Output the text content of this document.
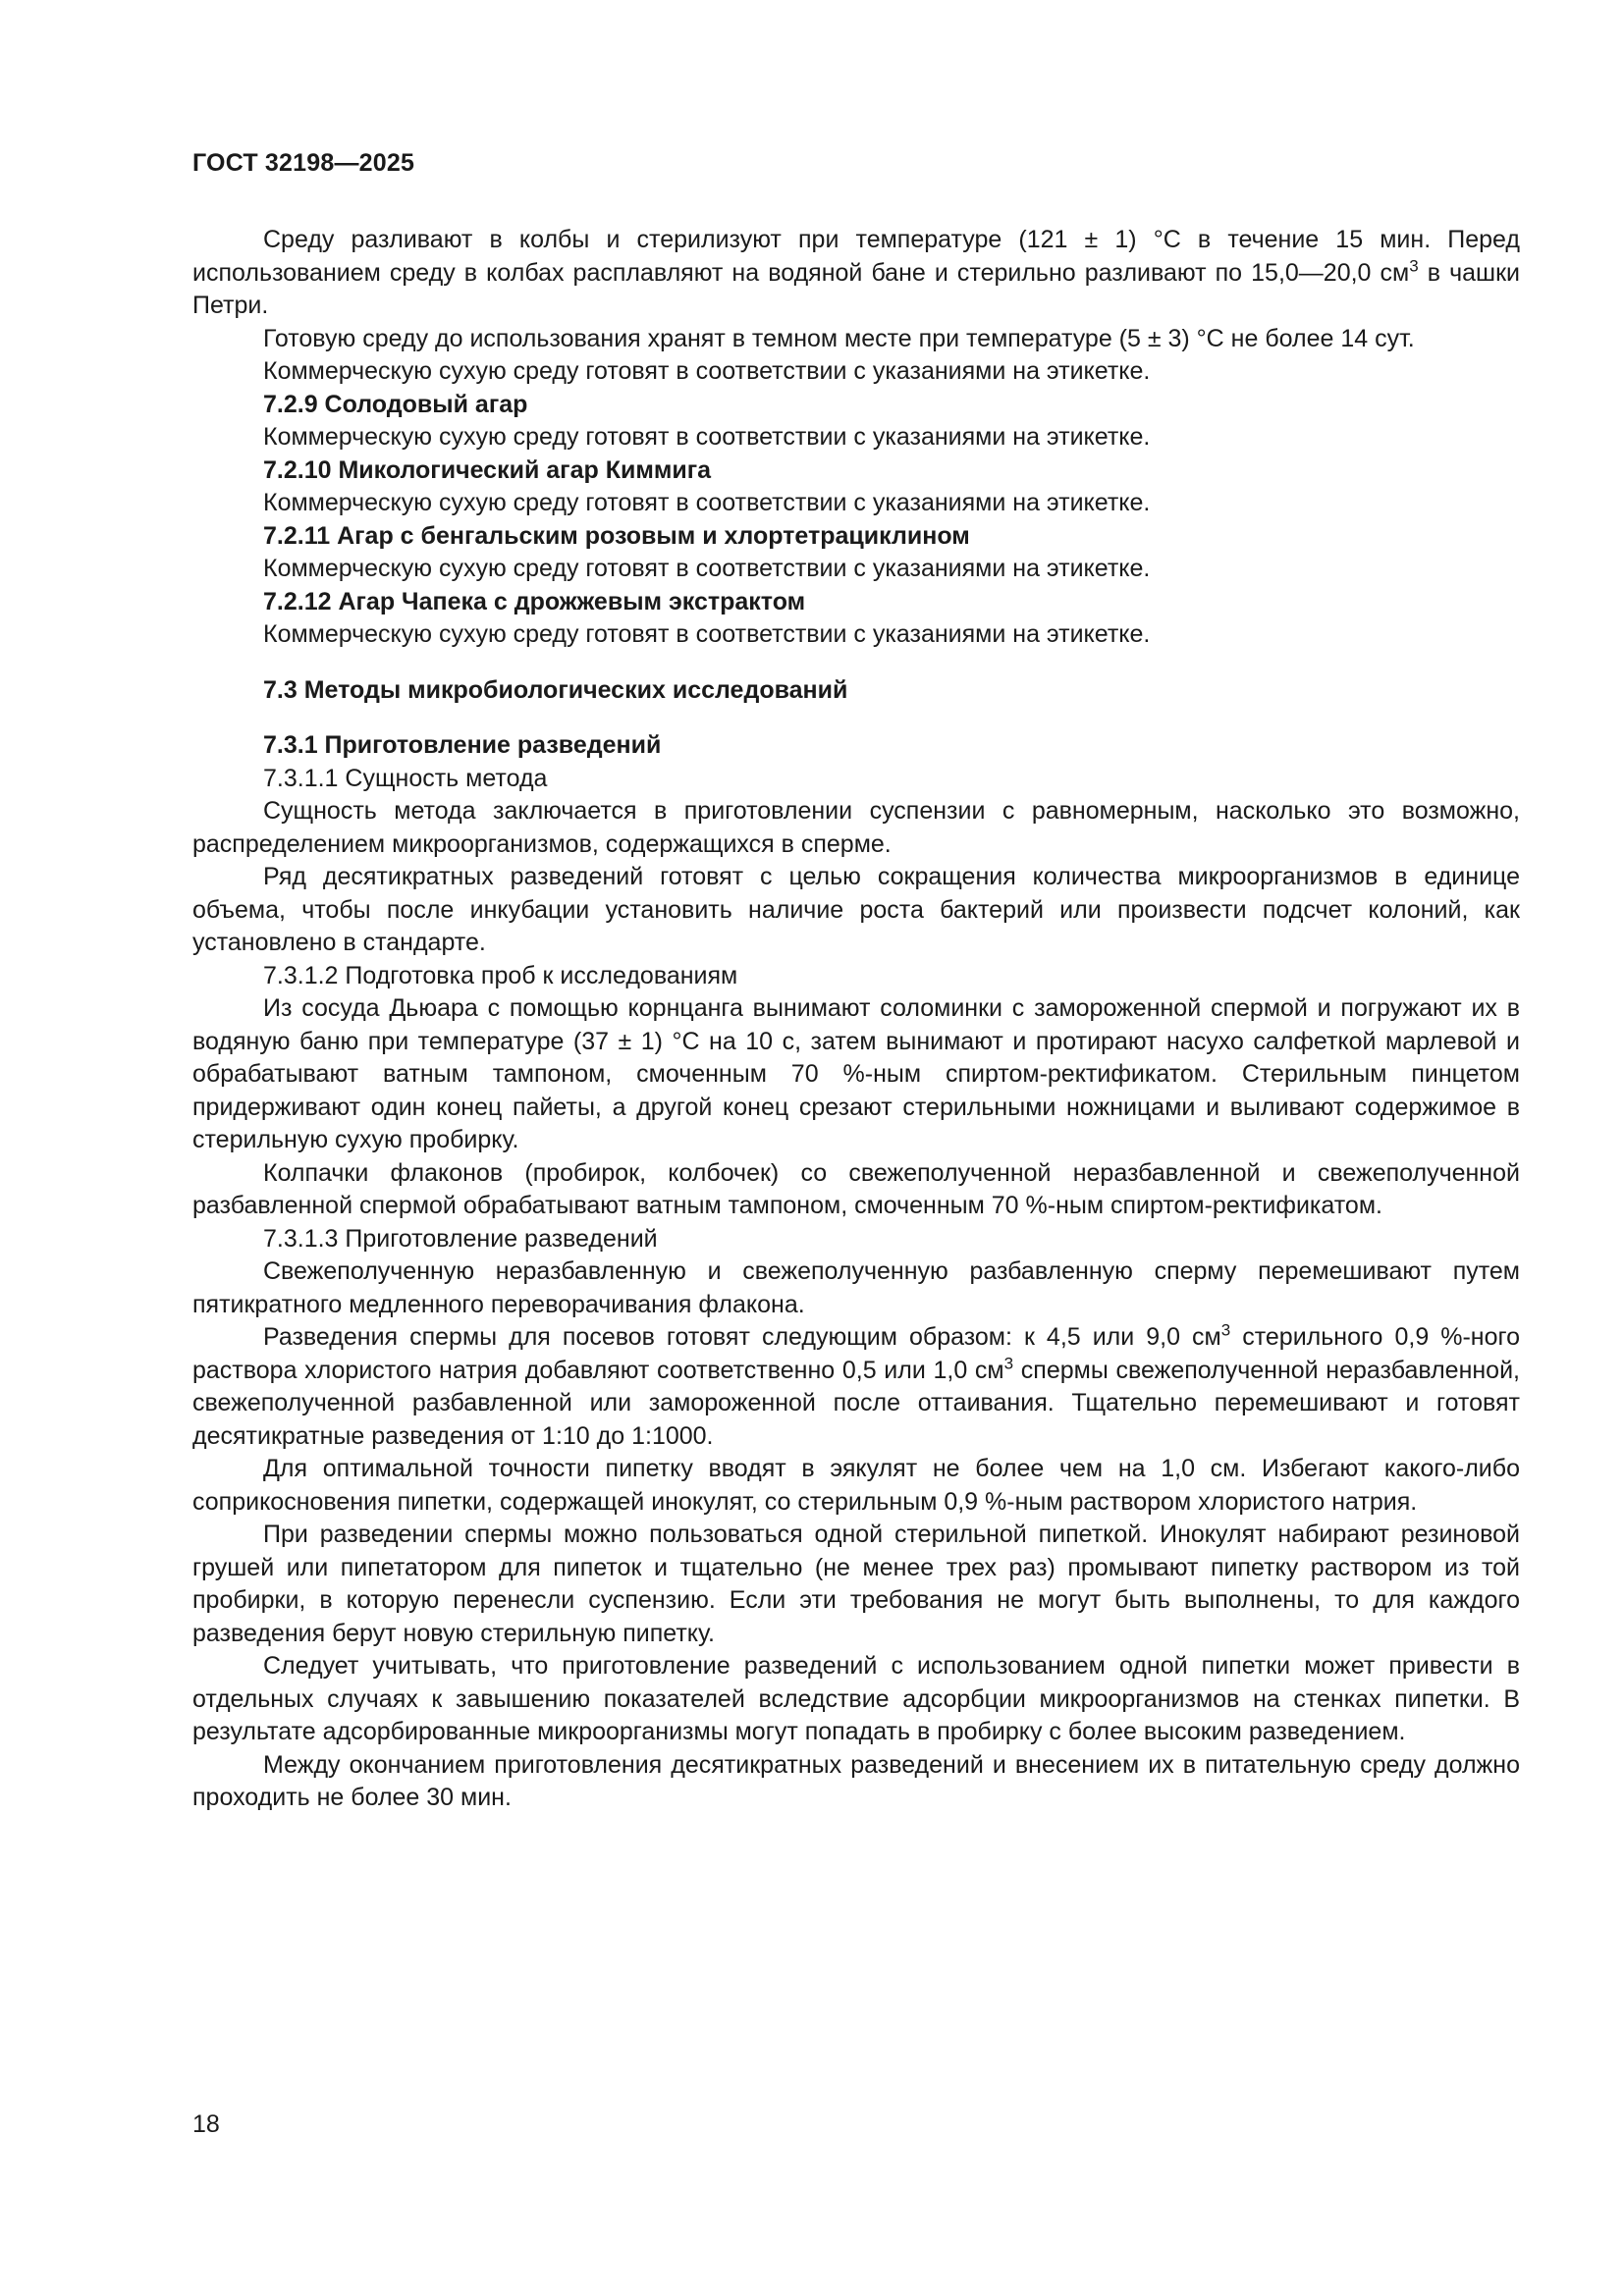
ГОСТ 32198—2025

Среду разливают в колбы и стерилизуют при температуре (121 ± 1) °С в течение 15 мин. Перед использованием среду в колбах расплавляют на водяной бане и стерильно разливают по 15,0—20,0 $см^3$ в чашки Петри.

Готовую среду до использования хранят в темном месте при температуре (5 ± 3) °С не более 14 сут.

Коммерческую сухую среду готовят в соответствии с указаниями на этикетке.

7.2.9 Солодовый агар

Коммерческую сухую среду готовят в соответствии с указаниями на этикетке.

7.2.10 Микологический агар Киммига

Коммерческую сухую среду готовят в соответствии с указаниями на этикетке.

7.2.11 Агар с бенгальским розовым и хлортетрациклином

Коммерческую сухую среду готовят в соответствии с указаниями на этикетке.

7.2.12 Агар Чапека с дрожжевым экстрактом

Коммерческую сухую среду готовят в соответствии с указаниями на этикетке.

7.3 Методы микробиологических исследований

7.3.1 Приготовление разведений

7.3.1.1 Сущность метода

Сущность метода заключается в приготовлении суспензии с равномерным, насколько это возможно, распределением микроорганизмов, содержащихся в сперме.

Ряд десятикратных разведений готовят с целью сокращения количества микроорганизмов в единице объема, чтобы после инкубации установить наличие роста бактерий или произвести подсчет колоний, как установлено в стандарте.

7.3.1.2 Подготовка проб к исследованиям

Из сосуда Дьюара с помощью корнцанга вынимают соломинки с замороженной спермой и погружают их в водяную баню при температуре (37 ± 1) °С на 10 с, затем вынимают и протирают насухо салфеткой марлевой и обрабатывают ватным тампоном, смоченным 70 %-ным спиртом-ректификатом. Стерильным пинцетом придерживают один конец пайеты, а другой конец срезают стерильными ножницами и выливают содержимое в стерильную сухую пробирку.

Колпачки флаконов (пробирок, колбочек) со свежеполученной неразбавленной и свежеполученной разбавленной спермой обрабатывают ватным тампоном, смоченным 70 %-ным спиртом-ректификатом.

7.3.1.3 Приготовление разведений

Свежеполученную неразбавленную и свежеполученную разбавленную сперму перемешивают путем пятикратного медленного переворачивания флакона.

Разведения спермы для посевов готовят следующим образом: к 4,5 или 9,0 $см^3$ стерильного 0,9 %-ного раствора хлористого натрия добавляют соответственно 0,5 или 1,0 $см^3$ спермы свежеполученной неразбавленной, свежеполученной разбавленной или замороженной после оттаивания. Тщательно перемешивают и готовят десятикратные разведения от 1:10 до 1:1000.

Для оптимальной точности пипетку вводят в эякулят не более чем на 1,0 см. Избегают какого-либо соприкосновения пипетки, содержащей инокулят, со стерильным 0,9 %-ным раствором хлористого натрия.

При разведении спермы можно пользоваться одной стерильной пипеткой. Инокулят набирают резиновой грушей или пипетатором для пипеток и тщательно (не менее трех раз) промывают пипетку раствором из той пробирки, в которую перенесли суспензию. Если эти требования не могут быть выполнены, то для каждого разведения берут новую стерильную пипетку.

Следует учитывать, что приготовление разведений с использованием одной пипетки может привести в отдельных случаях к завышению показателей вследствие адсорбции микроорганизмов на стенках пипетки. В результате адсорбированные микроорганизмы могут попадать в пробирку с более высоким разведением.

Между окончанием приготовления десятикратных разведений и внесением их в питательную среду должно проходить не более 30 мин.

18
